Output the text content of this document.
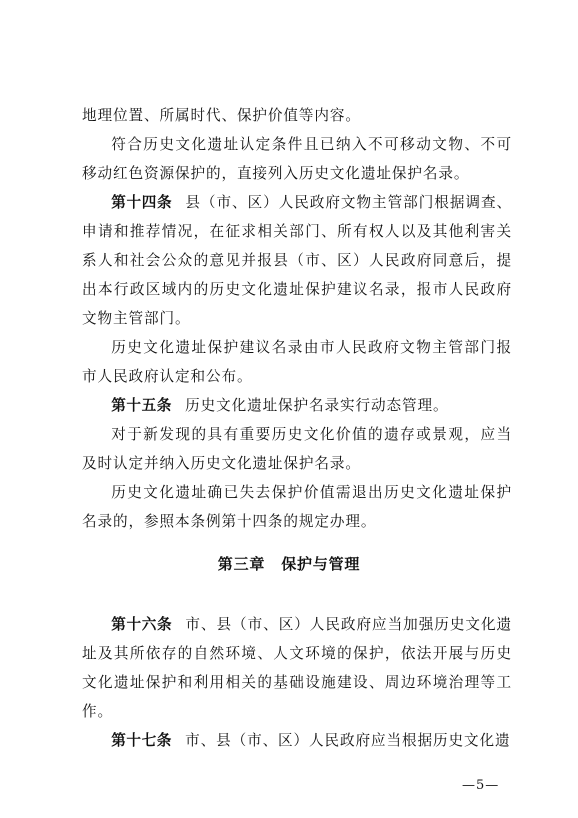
地理位置、所属时代、保护价值等内容。

符合历史文化遗址认定条件且已纳入不可移动文物、不可移动红色资源保护的，直接列入历史文化遗址保护名录。

第十四条 县（市、区）人民政府文物主管部门根据调查、申请和推荐情况，在征求相关部门、所有权人以及其他利害关系人和社会公众的意见并报县（市、区）人民政府同意后，提出本行政区域内的历史文化遗址保护建议名录，报市人民政府文物主管部门。

历史文化遗址保护建议名录由市人民政府文物主管部门报市人民政府认定和公布。

第十五条 历史文化遗址保护名录实行动态管理。

对于新发现的具有重要历史文化价值的遗存或景观，应当及时认定并纳入历史文化遗址保护名录。

历史文化遗址确已失去保护价值需退出历史文化遗址保护名录的，参照本条例第十四条的规定办理。

第三章 保护与管理

第十六条 市、县（市、区）人民政府应当加强历史文化遗址及其所依存的自然环境、人文环境的保护，依法开展与历史文化遗址保护和利用相关的基础设施建设、周边环境治理等工作。

第十七条 市、县（市、区）人民政府应当根据历史文化遗

—5—
